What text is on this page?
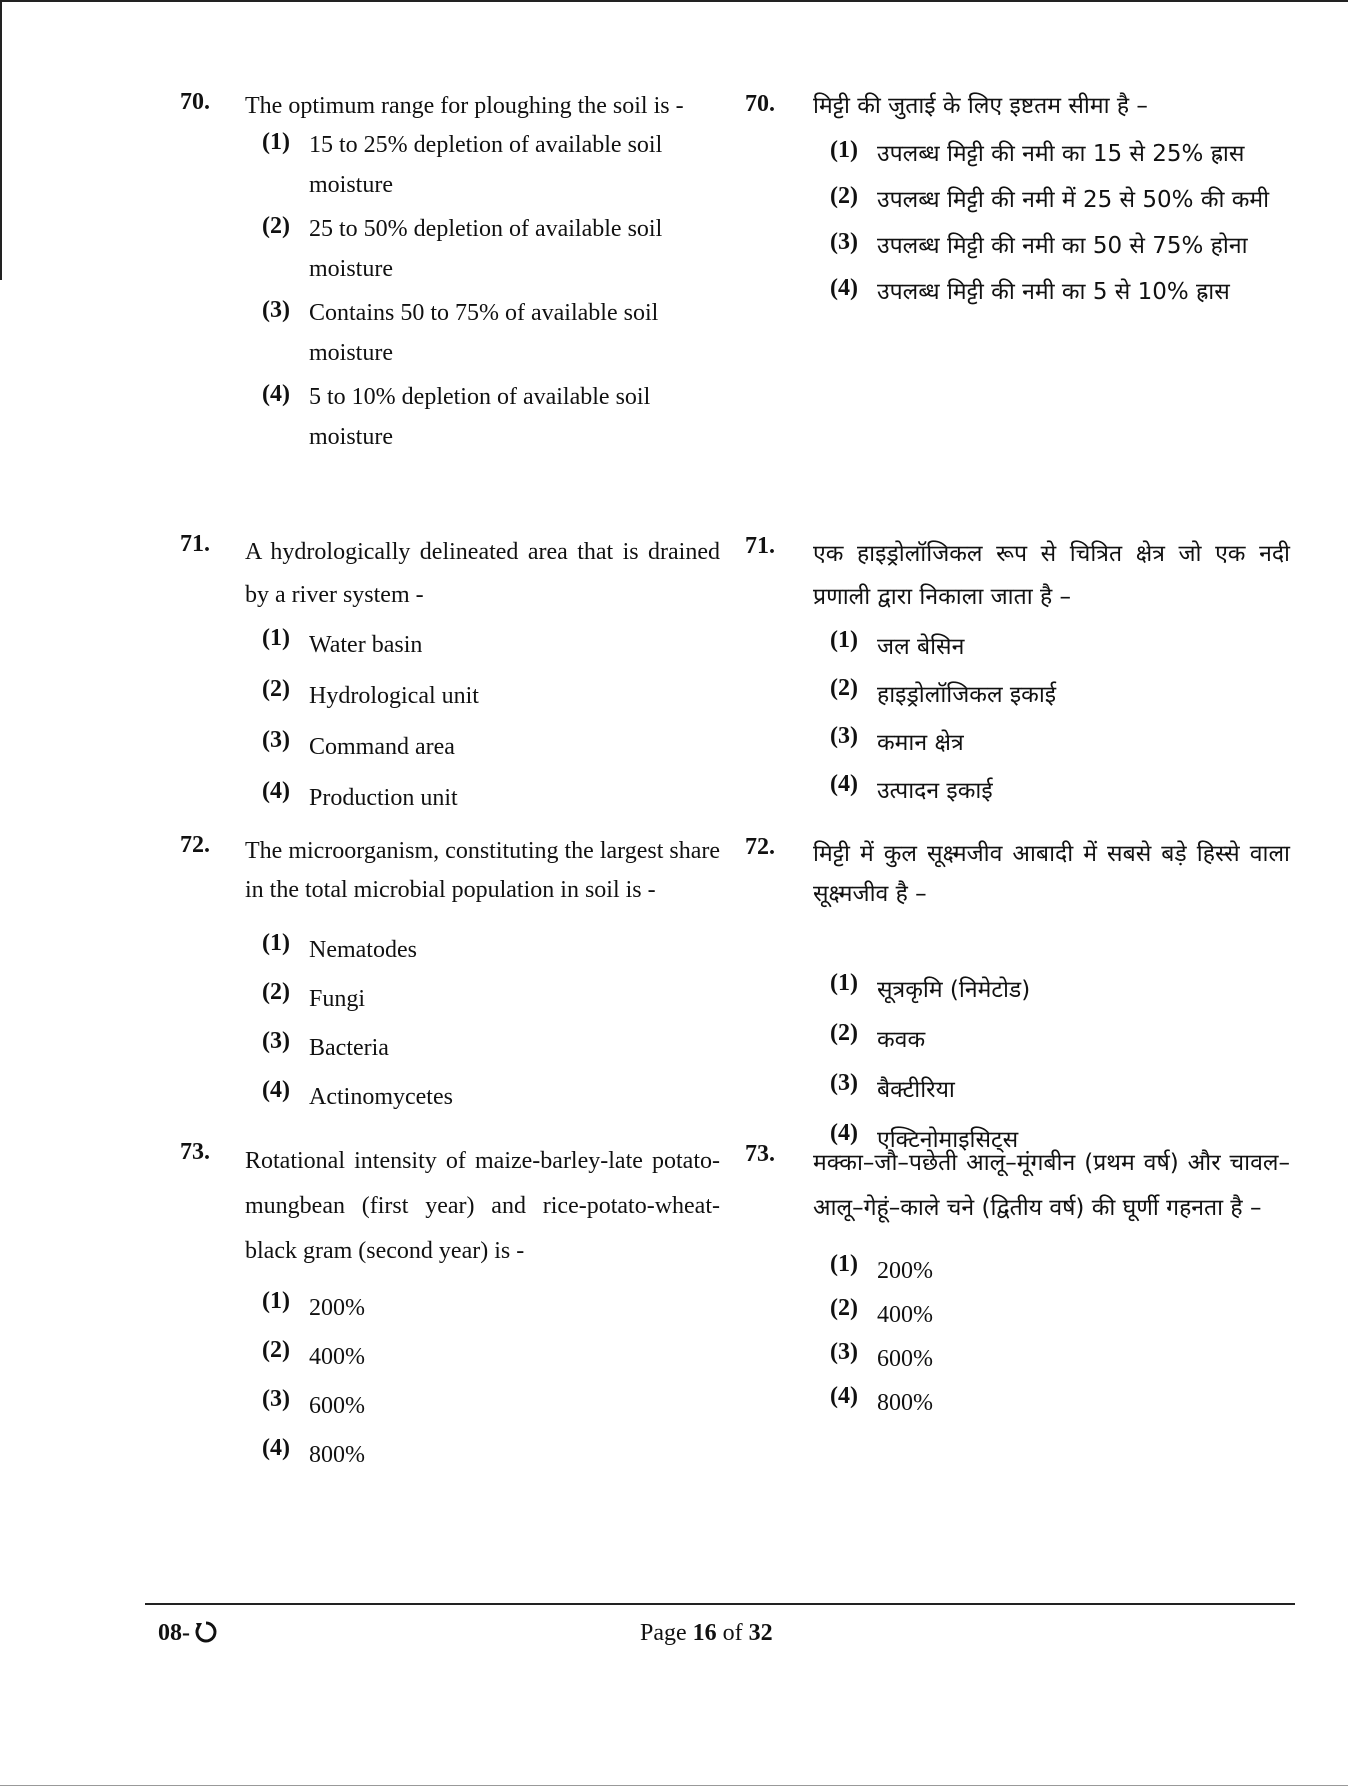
70. The optimum range for ploughing the soil is -
(1) 15 to 25% depletion of available soil moisture
(2) 25 to 50% depletion of available soil moisture
(3) Contains 50 to 75% of available soil moisture
(4) 5 to 10% depletion of available soil moisture
71. A hydrologically delineated area that is drained by a river system -
(1) Water basin
(2) Hydrological unit
(3) Command area
(4) Production unit
72. The microorganism, constituting the largest share in the total microbial population in soil is -
(1) Nematodes
(2) Fungi
(3) Bacteria
(4) Actinomycetes
73. Rotational intensity of maize-barley-late potato-mungbean (first year) and rice-potato-wheat-black gram (second year) is -
(1) 200%
(2) 400%
(3) 600%
(4) 800%
70. मिट्टी की जुताई के लिए इष्टतम सीमा है –
(1) उपलब्ध मिट्टी की नमी का 15 से 25% ह्रास
(2) उपलब्ध मिट्टी की नमी में 25 से 50% की कमी
(3) उपलब्ध मिट्टी की नमी का 50 से 75% होना
(4) उपलब्ध मिट्टी की नमी का 5 से 10% ह्रास
71. एक हाइड्रोलॉजिकल रूप से चित्रित क्षेत्र जो एक नदी प्रणाली द्वारा निकाला जाता है –
(1) जल बेसिन
(2) हाइड्रोलॉजिकल इकाई
(3) कमान क्षेत्र
(4) उत्पादन इकाई
72. मिट्टी में कुल सूक्ष्मजीव आबादी में सबसे बड़े हिस्से वाला सूक्ष्मजीव है –
(1) सूत्रकृमि (निमेटोड)
(2) कवक
(3) बैक्टीरिया
(4) एक्टिनोमाइसिट्स
73. मक्का–जौ–पछेती आलू–मूंगबीन (प्रथम वर्ष) और चावल–आलू–गेहूं–काले चने (द्वितीय वर्ष) की घूर्णी गहनता है –
(1) 200%
(2) 400%
(3) 600%
(4) 800%
08-	Page 16 of 32
